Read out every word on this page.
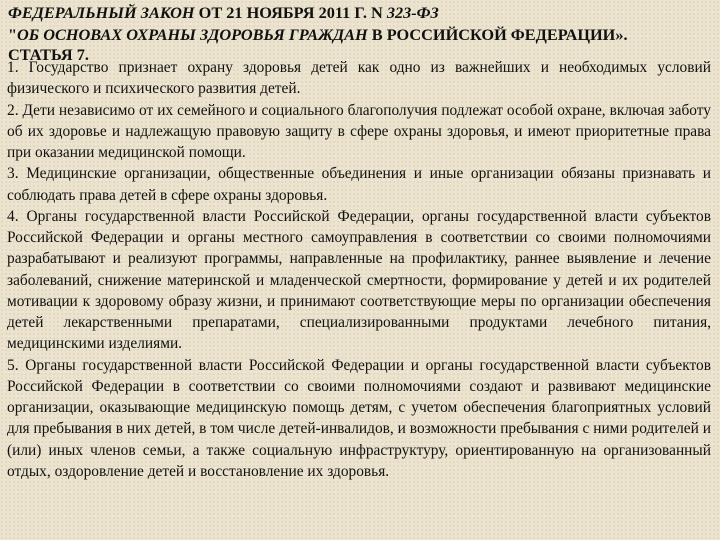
ФЕДЕРАЛЬНЫЙ ЗАКОН ОТ 21 НОЯБРЯ 2011 Г. N 323-ФЗ
"ОБ ОСНОВАХ ОХРАНЫ ЗДОРОВЬЯ ГРАЖДАН В РОССИЙСКОЙ ФЕДЕРАЦИИ».
СТАТЬЯ 7.

1. Государство признает охрану здоровья детей как одно из важнейших и необходимых условий физического и психического развития детей.

2. Дети независимо от их семейного и социального благополучия подлежат особой охране, включая заботу об их здоровье и надлежащую правовую защиту в сфере охраны здоровья, и имеют приоритетные права при оказании медицинской помощи.

3. Медицинские организации, общественные объединения и иные организации обязаны признавать и соблюдать права детей в сфере охраны здоровья.

4. Органы государственной власти Российской Федерации, органы государственной власти субъектов Российской Федерации и органы местного самоуправления в соответствии со своими полномочиями разрабатывают и реализуют программы, направленные на профилактику, раннее выявление и лечение заболеваний, снижение материнской и младенческой смертности, формирование у детей и их родителей мотивации к здоровому образу жизни, и принимают соответствующие меры по организации обеспечения детей лекарственными препаратами, специализированными продуктами лечебного питания, медицинскими изделиями.

5. Органы государственной власти Российской Федерации и органы государственной власти субъектов Российской Федерации в соответствии со своими полномочиями создают и развивают медицинские организации, оказывающие медицинскую помощь детям, с учетом обеспечения благоприятных условий для пребывания в них детей, в том числе детей-инвалидов, и возможности пребывания с ними родителей и (или) иных членов семьи, а также социальную инфраструктуру, ориентированную на организованный отдых, оздоровление детей и восстановление их здоровья.
